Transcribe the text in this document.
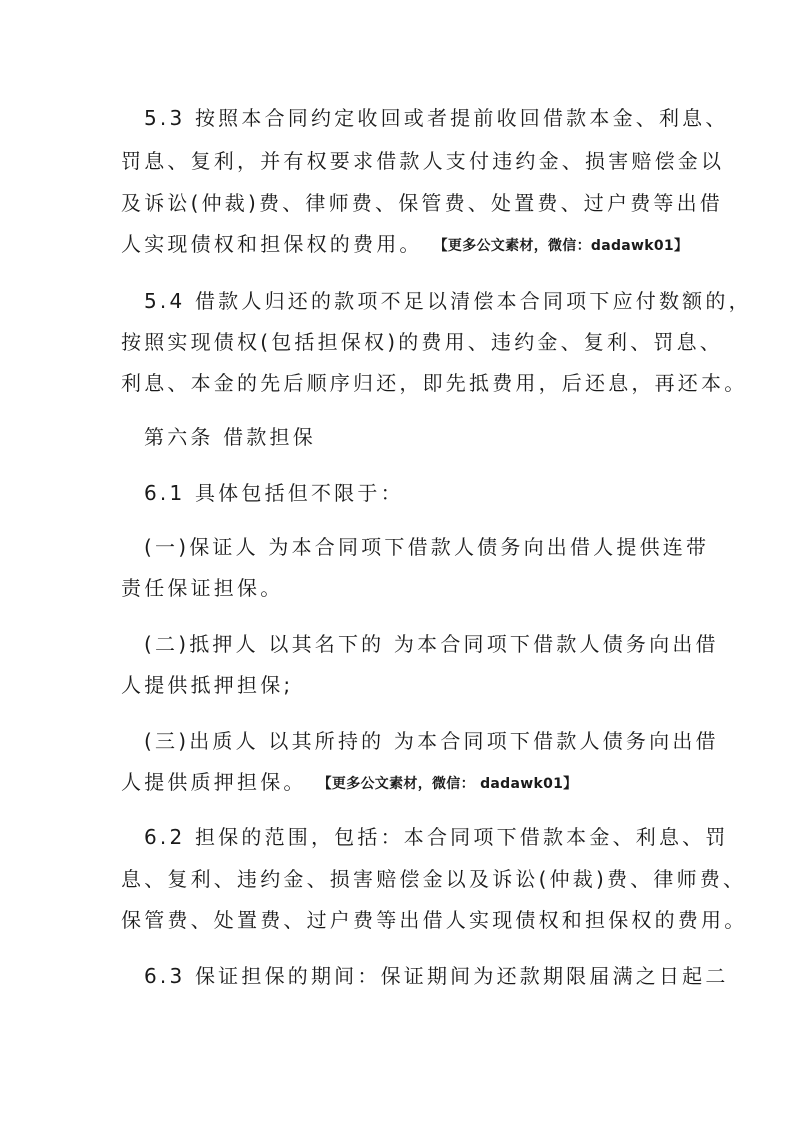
5.3 按照本合同约定收回或者提前收回借款本金、利息、
罚息、复利，并有权要求借款人支付违约金、损害赔偿金以
及诉讼(仲裁)费、律师费、保管费、处置费、过户费等出借
人实现债权和担保权的费用。 【更多公文素材，微信：dadawk01】
5.4 借款人归还的款项不足以清偿本合同项下应付数额的，
按照实现债权(包括担保权)的费用、违约金、复利、罚息、
利息、本金的先后顺序归还，即先抵费用，后还息，再还本。
第六条 借款担保
6.1 具体包括但不限于：
(一)保证人 为本合同项下借款人债务向出借人提供连带
责任保证担保。
(二)抵押人 以其名下的 为本合同项下借款人债务向出借
人提供抵押担保;
(三)出质人 以其所持的 为本合同项下借款人债务向出借
人提供质押担保。 【更多公文素材，微信： dadawk01】
6.2 担保的范围，包括：本合同项下借款本金、利息、罚
息、复利、违约金、损害赔偿金以及诉讼(仲裁)费、律师费、
保管费、处置费、过户费等出借人实现债权和担保权的费用。
6.3 保证担保的期间：保证期间为还款期限届满之日起二
